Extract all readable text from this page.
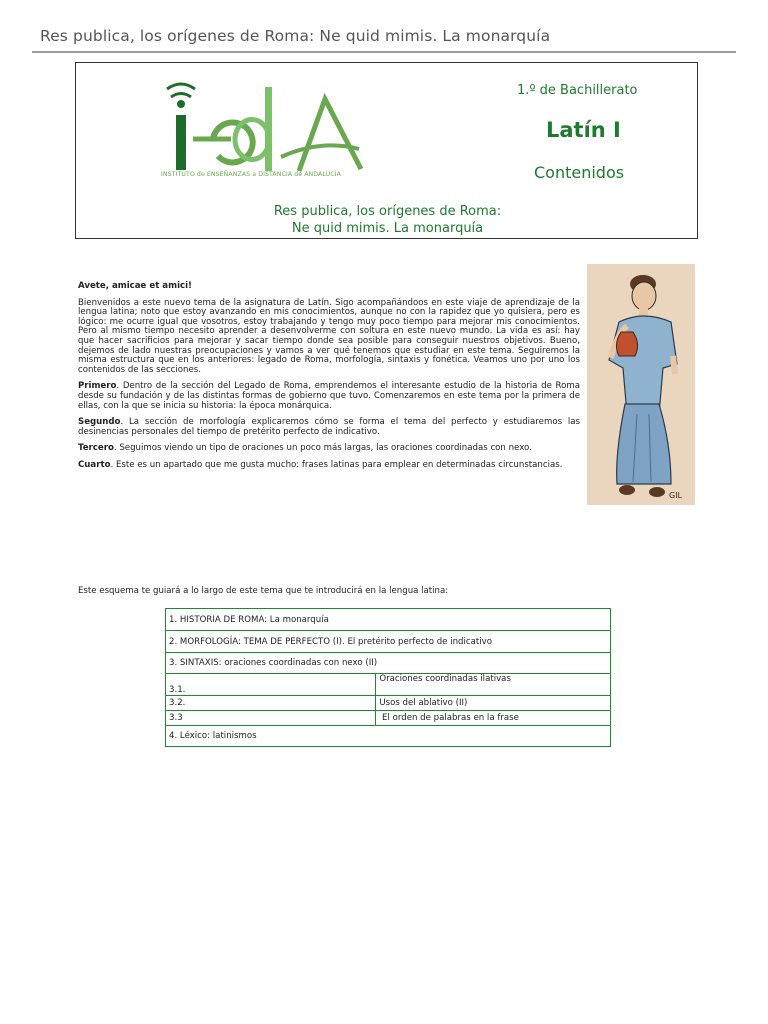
Res publica, los orígenes de Roma: Ne quid mimis. La monarquía
INSTITUTO de ENSEÑANZAS a DISTANCIA de ANDALUCÍA
1.º de Bachillerato
Latín I
Contenidos
Res publica, los orígenes de Roma:
Ne quid mimis. La monarquía

Avete, amicae et amici!

Bienvenidos a este nuevo tema de la asignatura de Latín. Sigo acompañándoos en este viaje de aprendizaje de la lengua latina; noto que estoy avanzando en mis conocimientos, aunque no con la rapidez que yo quisiera, pero es lógico: me ocurre igual que vosotros, estoy trabajando y tengo muy poco tiempo para mejorar mis conocimientos. Pero al mismo tiempo necesito aprender a desenvolverme con soltura en este nuevo mundo. La vida es así: hay que hacer sacrificios para mejorar y sacar tiempo donde sea posible para conseguir nuestros objetivos. Bueno, dejemos de lado nuestras preocupaciones y vamos a ver qué tenemos que estudiar en este tema. Seguiremos la misma estructura que en los anteriores: legado de Roma, morfología, sintaxis y fonética. Veamos uno por uno los contenidos de las secciones.

Primero. Dentro de la sección del Legado de Roma, emprendemos el interesante estudio de la historia de Roma desde su fundación y de las distintas formas de gobierno que tuvo. Comenzaremos en este tema por la primera de ellas, con la que se inicia su historia: la época monárquica.

Segundo. La sección de morfología explicaremos cómo se forma el tema del perfecto y estudiaremos las desinencias personales del tiempo de pretérito perfecto de indicativo.

Tercero. Seguimos viendo un tipo de oraciones un poco más largas, las oraciones coordinadas con nexo.

Cuarto. Este es un apartado que me gusta mucho: frases latinas para emplear en determinadas circunstancias.

GIL
Este esquema te guiará a lo largo de este tema que te introducirá en la lengua latina:
1. HISTORIA DE ROMA: La monarquía	
2. MORFOLOGÍA: TEMA DE PERFECTO (I). El pretérito perfecto de indicativo	
3. SINTAXIS: oraciones coordinadas con nexo (II)	
3.1.	Oraciones coordinadas ilativas
3.2.	Usos del ablativo (II)
3.3	El orden de palabras en la frase
4. Léxico: latinismos	
